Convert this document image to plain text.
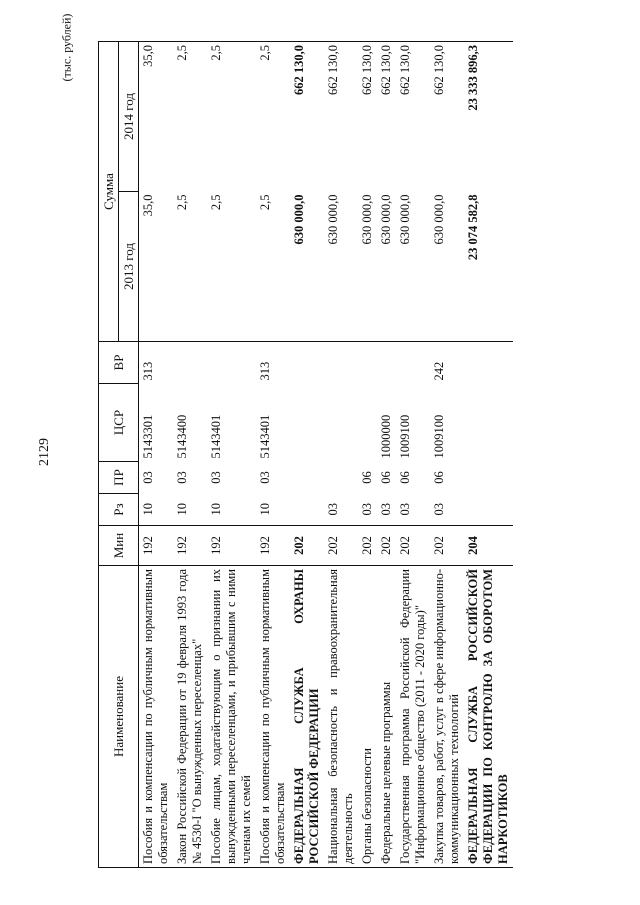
2129
(тыс. рублей)
Наименование	Мин	Рз	ПР	ЦСР	ВР	Сумма	
						2013 год	2014 год
Пособия и компенсации по публичным нормативным обязательствам	192	10	03	5143301	313	35,0	35,0
Закон Российской Федерации от 19 февраля 1993 года № 4530-I "О вынужденных переселенцах"	192	10	03	5143400		2,5	2,5
Пособие лицам, ходатайствующим о признании их вынужденными переселенцами, и прибывшим с ними членам их семей	192	10	03	5143401		2,5	2,5
Пособия и компенсации по публичным нормативным обязательствам	192	10	03	5143401	313	2,5	2,5
ФЕДЕРАЛЬНАЯ СЛУЖБА ОХРАНЫ РОССИЙСКОЙ ФЕДЕРАЦИИ	202					630 000,0	662 130,0
Национальная безопасность и правоохранительная деятельность	202	03				630 000,0	662 130,0
Органы безопасности	202	03	06			630 000,0	662 130,0
Федеральные целевые программы	202	03	06	1000000		630 000,0	662 130,0
Государственная программа Российской Федерации "Информационное общество (2011 - 2020 годы)"	202	03	06	1009100		630 000,0	662 130,0
Закупка товаров, работ, услуг в сфере информационно-коммуникационных технологий	202	03	06	1009100	242	630 000,0	662 130,0
ФЕДЕРАЛЬНАЯ СЛУЖБА РОССИЙСКОЙ ФЕДЕРАЦИИ ПО КОНТРОЛЮ ЗА ОБОРОТОМ НАРКОТИКОВ	204					23 074 582,8	23 333 896,3
